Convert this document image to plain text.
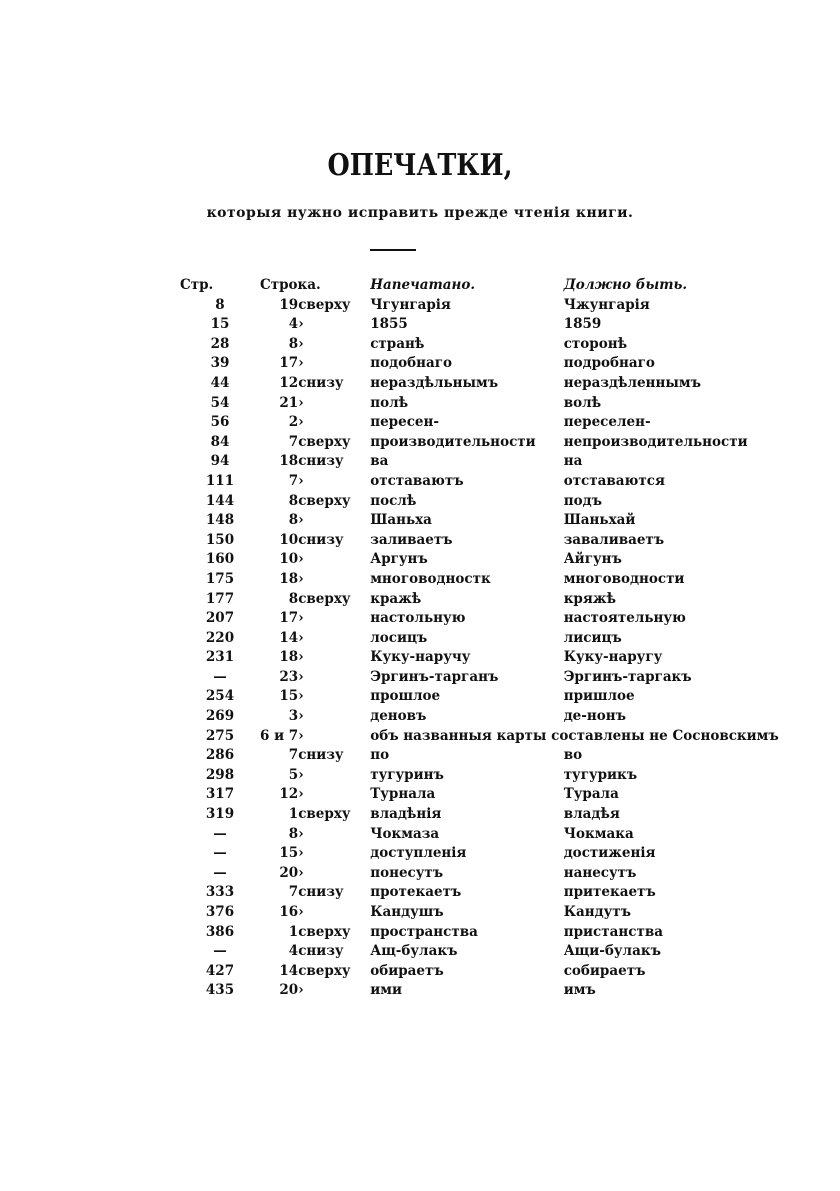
ОПЕЧАТКИ,
которыя нужно исправить прежде чтенія книги.
Стр.	Строка.		Напечатано.	Должно быть.
8	19	сверху	Чгунгарія	Чжунгарія
15	4	›	1855	1859
28	8	›	странѣ	сторонѣ
39	17	›	подобнаго	подробнаго
44	12	снизу	нераздѣльнымъ	нераздѣленнымъ
54	21	›	полѣ	волѣ
56	2	›	пересен-	переселен-
84	7	сверху	производительности	непроизводительности
94	18	снизу	ва	на
111	7	›	отставаютъ	отставаются
144	8	сверху	послѣ	подъ
148	8	›	Шаньха	Шаньхай
150	10	снизу	заливаетъ	заваливаетъ
160	10	›	Аргунъ	Айгунъ
175	18	›	многоводностк	многоводности
177	8	сверху	кражѣ	кряжѣ
207	17	›	настольную	настоятельную
220	14	›	лосицъ	лисицъ
231	18	›	Куку-наручу	Куку-наругу
—	23	›	Эргинъ-тарганъ	Эргинъ-таргакъ
254	15	›	прошлое	пришлое
269	3	›	деновъ	де-нонъ
275	6 и 7	›	объ названныя карты составлены не Сосновскимъ	
286	7	снизу	по	во
298	5	›	тугуринъ	тугурикъ
317	12	›	Турнала	Турала
319	1	сверху	владѣнія	владѣя
—	8	›	Чокмаза	Чокмака
—	15	›	доступленія	достиженія
—	20	›	понесутъ	нанесутъ
333	7	снизу	протекаетъ	притекаетъ
376	16	›	Кандушъ	Кандутъ
386	1	сверху	пространства	пристанства
—	4	снизу	Ащ-булакъ	Ащи-булакъ
427	14	сверху	обираетъ	собираетъ
435	20	›	ими	имъ
